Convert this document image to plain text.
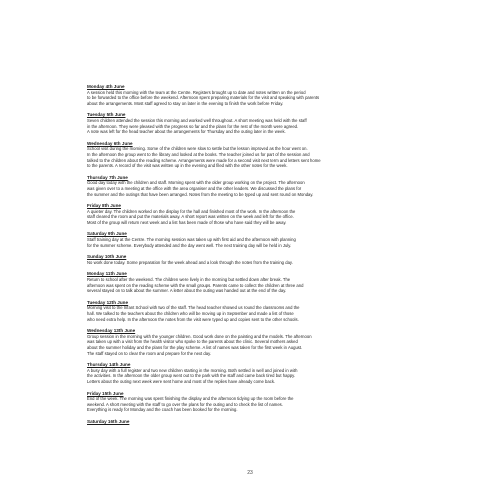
Monday 4th June
A session held this morning with the team at the Centre. Registers brought up to date and notes written on the period
to be forwarded to the office before the weekend. Afternoon spent preparing materials for the visit and speaking with parents
about the arrangements. Most staff agreed to stay on later in the evening to finish the work before Friday.
Tuesday 5th June
Seven children attended the session this morning and worked well throughout. A short meeting was held with the staff
in the afternoon. They were pleased with the progress so far and the plans for the rest of the month were agreed.
A note was left for the head teacher about the arrangements for Thursday and the outing later in the week.
Wednesday 6th June
School visit during the morning. Some of the children were slow to settle but the lesson improved as the hour went on.
In the afternoon the group went to the library and looked at the books. The teacher joined us for part of the session and
talked to the children about the reading scheme. Arrangements were made for a second visit next term and letters sent home
to the parents. A record of the visit was written up in the evening and filed with the other notes for the week.
Thursday 7th June
Good day today with the children and staff. Morning spent with the older group working on the project. The afternoon
was given over to a meeting at the office with the area organiser and the other leaders. We discussed the plans for
the summer and the outings that have been arranged. Notes from the meeting to be typed up and sent round on Monday.
Friday 8th June
A quieter day. The children worked on the display for the hall and finished most of the work. In the afternoon the
staff cleared the room and put the materials away. A short report was written on the week and left for the office.
Most of the group will return next week and a list has been made of those who have said they will be away.
Saturday 9th June
Staff training day at the Centre. The morning session was taken up with first aid and the afternoon with planning
for the summer scheme. Everybody attended and the day went well. The next training day will be held in July.
Sunday 10th June
No work done today. Some preparation for the week ahead and a look through the notes from the training day.
Monday 11th June
Return to school after the weekend. The children were lively in the morning but settled down after break. The
afternoon was spent on the reading scheme with the small groups. Parents came to collect the children at three and
several stayed on to talk about the summer. A letter about the outing was handed out at the end of the day.
Tuesday 12th June
Morning visit to the Infant School with two of the staff. The head teacher showed us round the classrooms and the
hall. We talked to the teachers about the children who will be moving up in September and made a list of those
who need extra help. In the afternoon the notes from the visit were typed up and copies sent to the other schools.
Wednesday 13th June
Group session in the morning with the younger children. Good work done on the painting and the models. The afternoon
was taken up with a visit from the health visitor who spoke to the parents about the clinic. Several mothers asked
about the summer holiday and the plans for the play scheme. A list of names was taken for the first week in August.
The staff stayed on to clear the room and prepare for the next day.
Thursday 14th June
A busy day with a full register and two new children starting in the morning. Both settled in well and joined in with
the activities. In the afternoon the older group went out to the park with the staff and came back tired but happy.
Letters about the outing next week were sent home and most of the replies have already come back.
Friday 15th June
End of the week. The morning was spent finishing the display and the afternoon tidying up the room before the
weekend. A short meeting with the staff to go over the plans for the outing and to check the list of names.
Everything is ready for Monday and the coach has been booked for the morning.
Saturday 16th June
23
